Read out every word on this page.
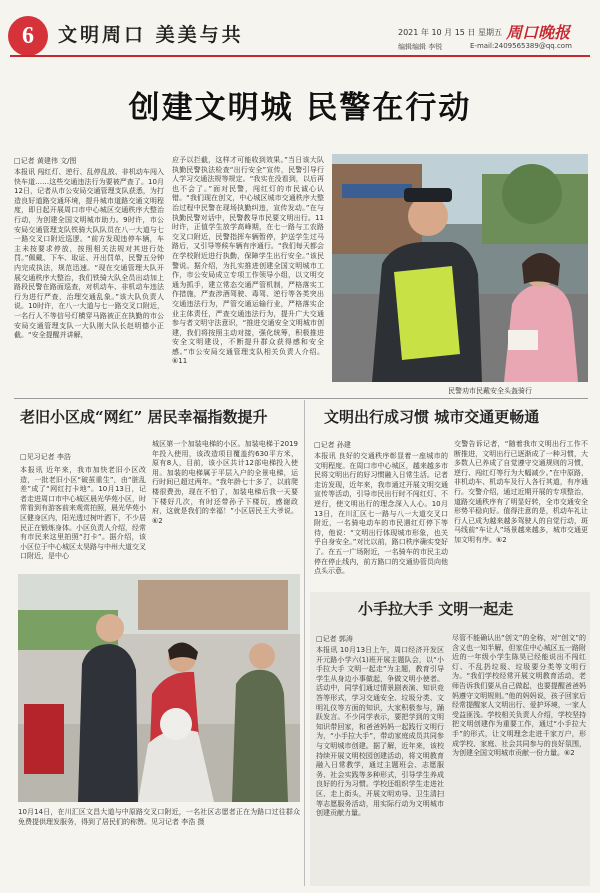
6 文明周口 美美与共	2021 年 10 月 15 日 星期五 周口晚报
编辑编辑 李锐	E-mail:2409565389@qq.com
创建文明城 民警在行动
□记者 黄建伟 文/图
本报讯 闯红灯、逆行、乱停乱放、非机动车闯入快车道……这些交通违法行为要被严查了。10月12日，记者从市公安局交通管理支队获悉，为打造良好道路交通环境，提升城市道路交通文明程度，即日起开展周口市中心城区交通秩序大整治行动，为创建全国文明城市助力。9时许，市公安局交通管理支队铁骑大队队员在八一大道与七一路交叉口附近巡逻。“前方发现违停车辆，车主未按要求停放，按照相关法规对其进行处罚。”佩戴、下车、取证、开出罚单，民警五分钟内完成执法，规范迅速。“现在交通管理大队开展交通秩序大整治，我们铁骑大队全员出动加上路段民警在路面巡查，对机动车、非机动车违法行为进行严查，治理交通乱象。”该大队负责人说。10时许，在八一大道与七一路交叉口附近，一名行人不等信号灯横穿马路被正在执勤的市公安局交通管理支队一大队刚大队长赵明德小正截。“安全提醒并讲解，
应予以拦截，这样才可能收到效果。”当日该大队执勤民警执法检查“出行安全”宣传，民警引导行人学习交通法规等规定。“我实在没看到，以后再也不会了。”面对民警，闯红灯的市民诚心认错。“我们现在创文，中心城区城市交通秩序大整治过程中民警在现场执勤纠违，宣传发动。”在与执勤民警对话中，民警教导市民要文明出行。11时许，正值学生放学高峰期，在七一路与工农路交叉口附近，民警指挥车辆暂停，护送学生过马路后，又引导等候车辆有序通行。“我们每天都会在学校附近进行执勤，保障学生出行安全。”该民警说。据介绍，为扎实推进创建全国文明城市工作，市公安局成立专项工作领导小组，以文明交通为抓手，建立常态交通严管机制，严格落实工作措施，严查涉酒驾驶、毒驾、逆行等各类突出交通违法行为，严管交通运输行业，严格落实企业主体责任，严查交通违法行为，提升广大交通参与者文明守法意识，“推进交通安全文明城市创建，我们将按照主动对接，强化统筹，积极推进安全文明建设，不断提升群众获得感和安全感。”市公安局交通管理支队相关负责人介绍。⑥11
民警劝市民戴安全头盔骑行
老旧小区成“网红” 居民幸福指数提升
□见习记者 李浩
本报讯 近年来，我市加快老旧小区改造，一批老旧小区“破茧重生”，由“脏乱差”成了“网红打卡地”。10月13日，记者走进周口市中心城区晨光华苑小区，时常看到有游客前来观赏拍照，晨光华苑小区健身区内，阳光透过树叶洒下，不少居民正在锻炼身体。小区负责人介绍，经常有市民来这里拍照“打卡”。据介绍，该小区位于中心城区太昊路与中州大道交叉口附近，是中心
城区第一个加装电梯的小区。加装电梯于2019年投入使用，该改造项目覆盖约630平方米，原有8人，目前，该小区共计12部电梯投入使用。加装的电梯属于平层入户的全景电梯，运行时间已超过两年。“我年龄七十多了，以前爬楼很费劲，现在不怕了，加装电梯后我一天要下楼好几次，有时还带孙子下楼玩，感谢政府，这就是我们的幸福！”小区居民王大爷说。⑥2
10月14日，在川汇区文昌大道与中原路交叉口附近，一名社区志愿者正在为路口过往群众免费提供理发服务，得到了居民们的称赞。见习记者 李浩 摄
文明出行成习惯 城市交通更畅通
□记者 孙建
本报讯 良好的交通秩序彰显着一座城市的文明程度。在周口市中心城区，越来越多市民将文明出行的好习惯融入日常生活。记者走访发现，近年来，我市通过开展文明交通宣传等活动，引导市民出行时不闯红灯、不逆行，使文明出行的理念深入人心。10月13日，在川汇区七一路与八一大道交叉口附近，一名骑电动车的市民遇红灯停下等待，他说：“文明出行体现城市形象，也关乎自身安全。”对比以前，路口秩序确实变好了。在五一广场附近，一名骑车的市民主动停在停止线内，前方路口的交通协管员向他点头示意。
交警告诉记者，“随着我市文明出行工作不断推进，文明出行已逐渐成了一种习惯，大多数人已养成了自觉遵守交通规则的习惯，逆行、闯红灯等行为大幅减少。”在中原路，非机动车、机动车及行人各行其道，有序通行。交警介绍，通过近期开展的专项整治，道路交通秩序有了明显好转，全市交通安全形势平稳向好。值得注意的是，机动车礼让行人已成为越来越多驾驶人的自觉行动，斑马线前“车让人”场景越来越多，城市交通更加文明有序。⑥2
小手拉大手 文明一起走
□记者 郭涛
本报讯 10月13日上午，周口经济开发区开元路小学六(1)班开展主题队会，以“小手拉大手 文明一起走”为主题，教育引导学生从身边小事做起，争做文明小使者。活动中，同学们通过情景剧表演、知识竞答等形式，学习交通安全、垃圾分类、文明礼仪等方面的知识，大家积极参与，踊跃发言。不少同学表示，要把学到的文明知识带回家，和爸爸妈妈一起践行文明行为，“小手拉大手”，带动家庭成员共同参与文明城市创建。据了解，近年来，该校持续开展文明校园创建活动，将文明教育融入日常教学，通过主题班会、志愿服务、社会实践等多种形式，引导学生养成良好的行为习惯。学校还组织学生走进社区、走上街头，开展文明劝导、卫生清扫等志愿服务活动，用实际行动为文明城市创建贡献力量。
尽管不能确认出“创文”的全称，对“创文”的含义也一知半解，但家住中心城区五一路附近的一年级小学生陈昊已经能说出不闯红灯、不乱扔垃圾、垃圾要分类等文明行为。“我们学校经常开展文明教育活动，老师告诉我们要从自己做起，也要提醒爸爸妈妈遵守文明规则。”他的妈妈说，孩子回家后经常提醒家人文明出行、爱护环境，一家人受益匪浅。学校相关负责人介绍，学校坚持把文明创建作为重要工作，通过“小手拉大手”的形式，让文明理念走进千家万户，形成学校、家庭、社会共同参与的良好氛围，为创建全国文明城市贡献一份力量。⑥2
